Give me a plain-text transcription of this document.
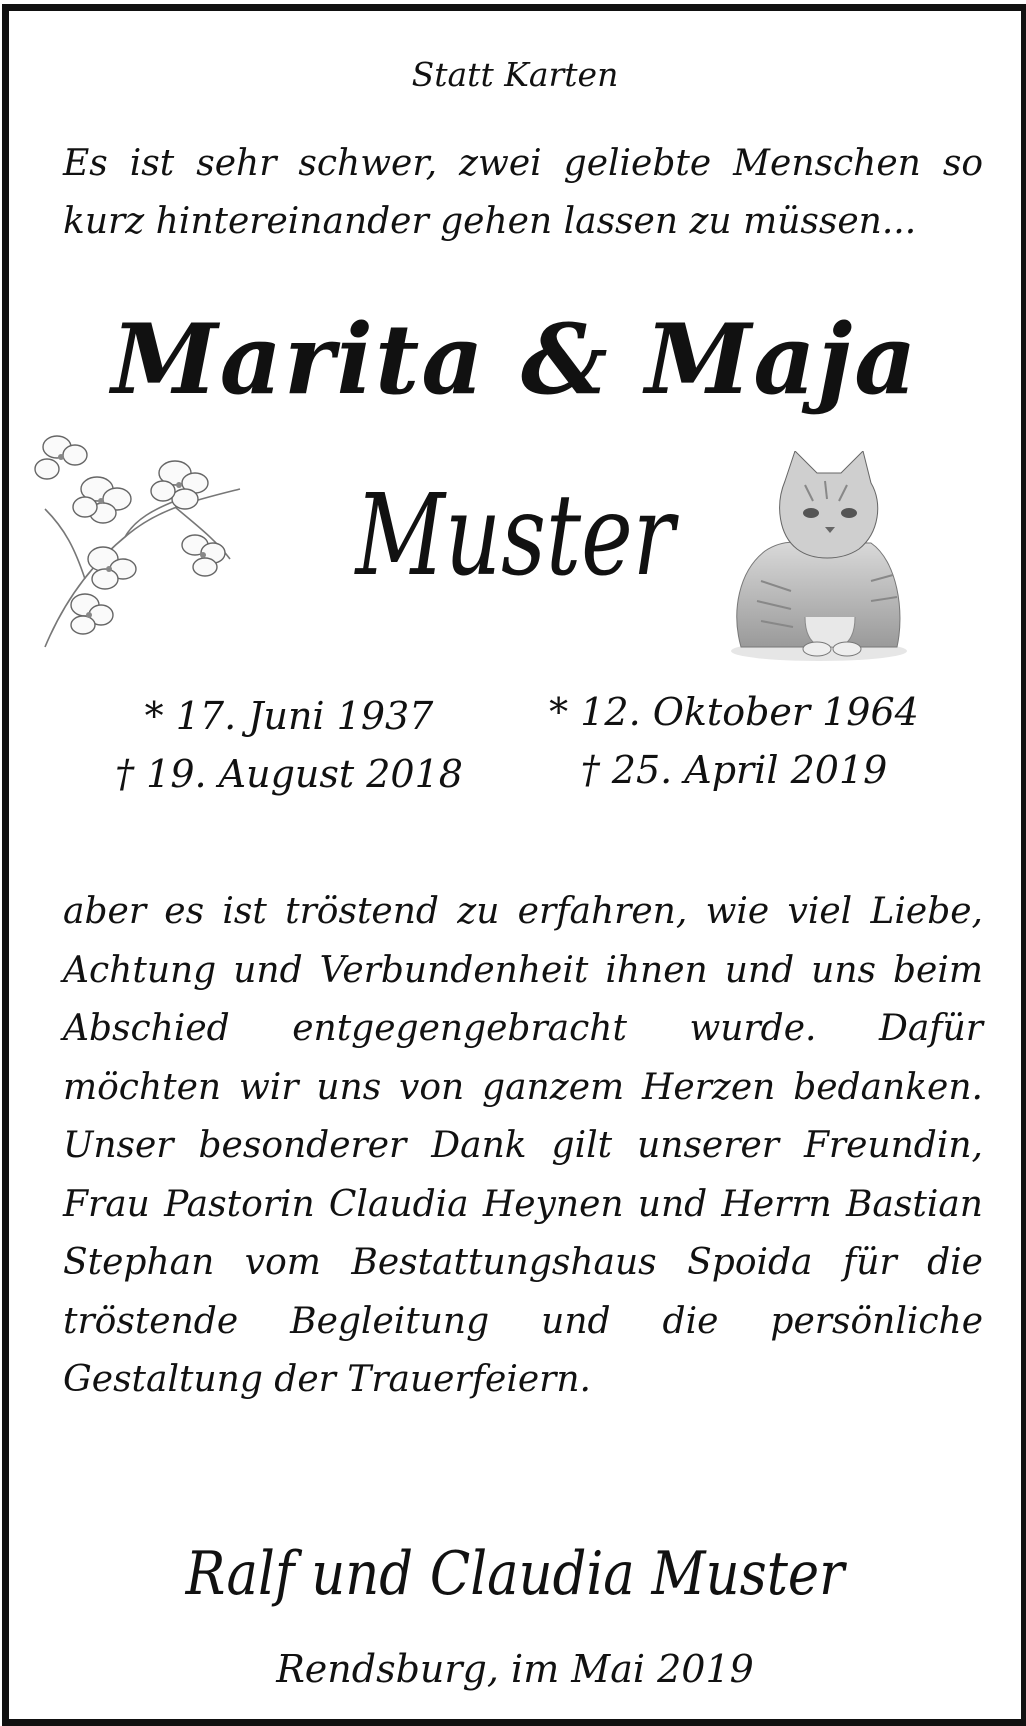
Statt Karten
Es ist sehr schwer, zwei geliebte Menschen so kurz hintereinander gehen lassen zu müssen...
Marita & Maja
Muster
* 17. Juni 1937
† 19. August 2018
* 12. Oktober 1964
† 25. April 2019
aber es ist tröstend zu erfahren, wie viel Liebe, Achtung und Verbundenheit ihnen und uns beim Abschied entgegengebracht wurde. Dafür möchten wir uns von ganzem Herzen bedanken. Unser besonderer Dank gilt unserer Freundin, Frau Pastorin Claudia Heynen und Herrn Bastian Stephan vom Bestattungshaus Spoida für die tröstende Begleitung und die persönliche Gestaltung der Trauerfeiern.
Ralf und Claudia Muster
Rendsburg, im Mai 2019
